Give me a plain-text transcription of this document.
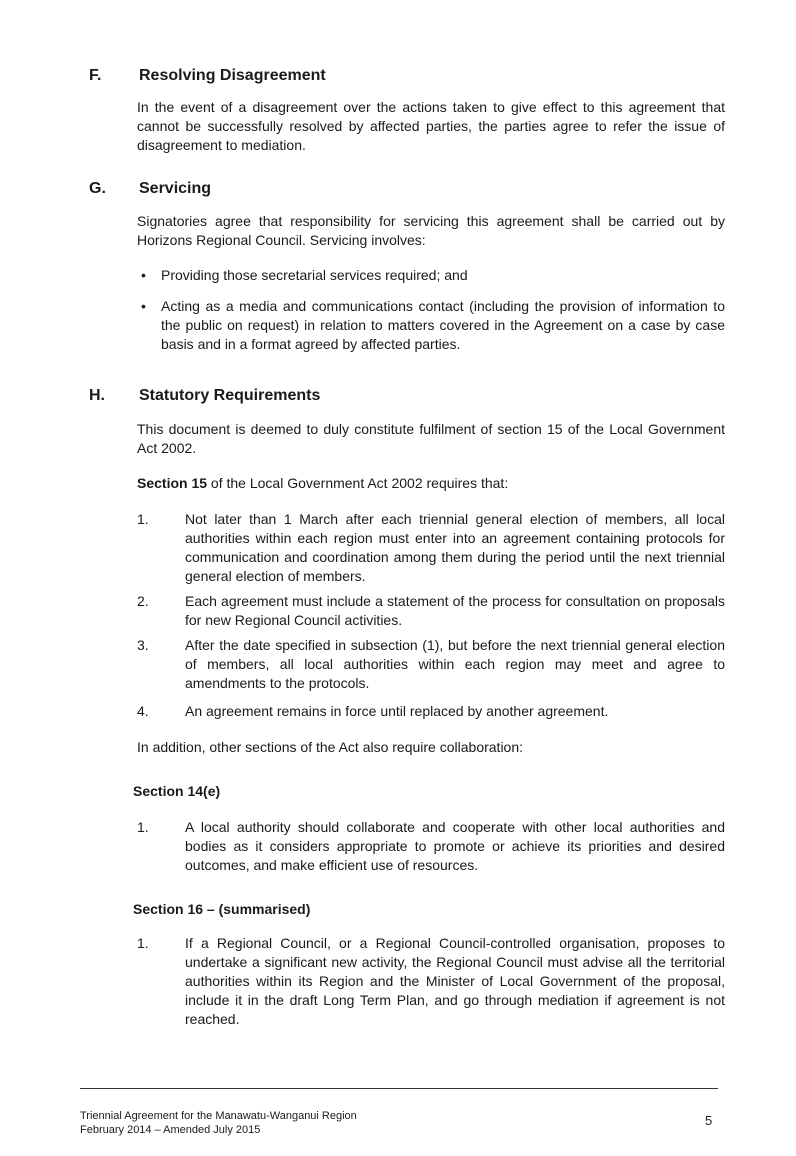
F. Resolving Disagreement
In the event of a disagreement over the actions taken to give effect to this agreement that cannot be successfully resolved by affected parties, the parties agree to refer the issue of disagreement to mediation.
G. Servicing
Signatories agree that responsibility for servicing this agreement shall be carried out by Horizons Regional Council. Servicing involves:
• Providing those secretarial services required; and
• Acting as a media and communications contact (including the provision of information to the public on request) in relation to matters covered in the Agreement on a case by case basis and in a format agreed by affected parties.
H. Statutory Requirements
This document is deemed to duly constitute fulfilment of section 15 of the Local Government Act 2002.
Section 15 of the Local Government Act 2002 requires that:
1.	Not later than 1 March after each triennial general election of members, all local authorities within each region must enter into an agreement containing protocols for communication and coordination among them during the period until the next triennial general election of members.
2.	Each agreement must include a statement of the process for consultation on proposals for new Regional Council activities.
3.	After the date specified in subsection (1), but before the next triennial general election of members, all local authorities within each region may meet and agree to amendments to the protocols.
4.	An agreement remains in force until replaced by another agreement.
In addition, other sections of the Act also require collaboration:
Section 14(e)
1.	A local authority should collaborate and cooperate with other local authorities and bodies as it considers appropriate to promote or achieve its priorities and desired outcomes, and make efficient use of resources.
Section 16 – (summarised)
1.	If a Regional Council, or a Regional Council-controlled organisation, proposes to undertake a significant new activity, the Regional Council must advise all the territorial authorities within its Region and the Minister of Local Government of the proposal, include it in the draft Long Term Plan, and go through mediation if agreement is not reached.
Triennial Agreement for the Manawatu-Wanganui Region
February 2014 – Amended July 2015
5
